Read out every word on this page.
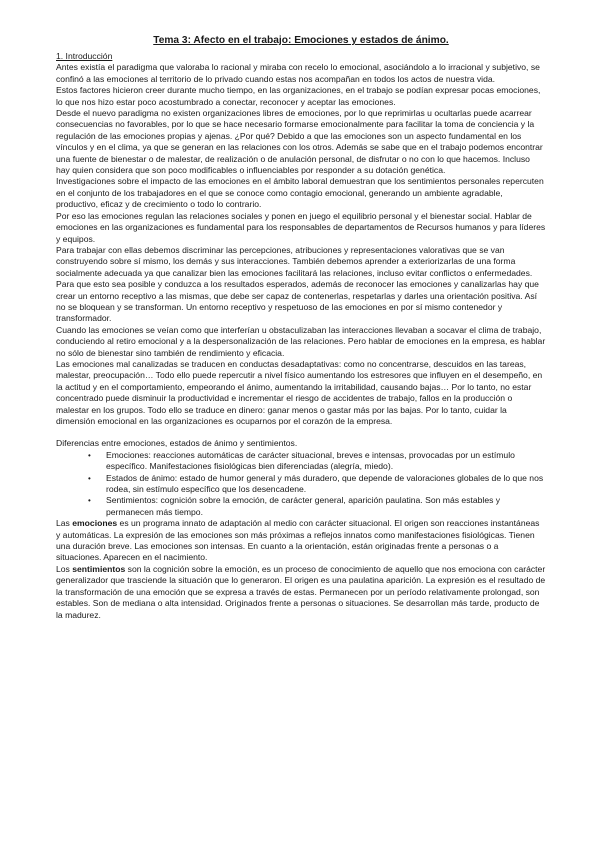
Tema 3: Afecto en el trabajo: Emociones y estados de ánimo.
1. Introducción

Antes existía el paradigma que valoraba lo racional y miraba con recelo lo emocional, asociándolo a lo irracional y subjetivo, se confinó a las emociones al territorio de lo privado cuando estas nos acompañan en todos los actos de nuestra vida.

Estos factores hicieron creer durante mucho tiempo, en las organizaciones, en el trabajo se podían expresar pocas emociones, lo que nos hizo estar poco acostumbrado a conectar, reconocer y aceptar las emociones.

Desde el nuevo paradigma no existen organizaciones libres de emociones, por lo que reprimirlas u ocultarlas puede acarrear consecuencias no favorables, por lo que se hace necesario formarse emocionalmente para facilitar la toma de conciencia y la regulación de las emociones propias y ajenas. ¿Por qué? Debido a que las emociones son un aspecto fundamental en los vínculos y en el clima, ya que se generan en las relaciones con los otros. Además se sabe que en el trabajo podemos encontrar una fuente de bienestar o de malestar, de realización o de anulación personal, de disfrutar o no con lo que hacemos. Incluso hay quien considera que son poco modificables o influenciables por responder a su dotación genética.

Investigaciones sobre el impacto de las emociones en el ámbito laboral demuestran que los sentimientos personales repercuten en el conjunto de los trabajadores en el que se conoce como contagio emocional, generando un ambiente agradable, productivo, eficaz y de crecimiento o todo lo contrario.

Por eso las emociones regulan las relaciones sociales y ponen en juego el equilibrio personal y el bienestar social. Hablar de emociones en las organizaciones es fundamental para los responsables de departamentos de Recursos humanos y para líderes y equipos.

Para trabajar con ellas debemos discriminar las percepciones, atribuciones y representaciones valorativas que se van construyendo sobre sí mismo, los demás y sus interacciones. También debemos aprender a exteriorizarlas de una forma socialmente adecuada ya que canalizar bien las emociones facilitará las relaciones, incluso evitar conflictos o enfermedades. Para que esto sea posible y conduzca a los resultados esperados, además de reconocer las emociones y canalizarlas hay que crear un entorno receptivo a las mismas, que debe ser capaz de contenerlas, respetarlas y darles una orientación positiva. Así no se bloquean y se transforman. Un entorno receptivo y respetuoso de las emociones en por sí mismo contenedor y transformador.

Cuando las emociones se veían como que interferían u obstaculizaban las interacciones llevaban a socavar el clima de trabajo, conduciendo al retiro emocional y a la despersonalización de las relaciones. Pero hablar de emociones en la empresa, es hablar no sólo de bienestar sino también de rendimiento y eficacia.

Las emociones mal canalizadas se traducen en conductas desadaptativas: como no concentrarse, descuidos en las tareas, malestar, preocupación… Todo ello puede repercutir a nivel físico aumentando los estresores que influyen en el desempeño, en la actitud y en el comportamiento, empeorando el ánimo, aumentando la irritabilidad, causando bajas… Por lo tanto, no estar concentrado puede disminuir la productividad e incrementar el riesgo de accidentes de trabajo, fallos en la producción o malestar en los grupos. Todo ello se traduce en dinero: ganar menos o gastar más por las bajas. Por lo tanto, cuidar la dimensión emocional en las organizaciones es ocuparnos por el corazón de la empresa.

Diferencias entre emociones, estados de ánimo y sentimientos.

• Emociones: reacciones automáticas de carácter situacional, breves e intensas, provocadas por un estímulo específico. Manifestaciones fisiológicas bien diferenciadas (alegría, miedo).
• Estados de ánimo: estado de humor general y más duradero, que depende de valoraciones globales de lo que nos rodea, sin estímulo específico que los desencadene.
• Sentimientos: cognición sobre la emoción, de carácter general, aparición paulatina. Son más estables y permanecen más tiempo.

Las emociones es un programa innato de adaptación al medio con carácter situacional. El origen son reacciones instantáneas y automáticas. La expresión de las emociones son más próximas a reflejos innatos como manifestaciones fisiológicas. Tienen una duración breve. Las emociones son intensas. En cuanto a la orientación, están originadas frente a personas o a situaciones. Aparecen en el nacimiento.

Los sentimientos son la cognición sobre la emoción, es un proceso de conocimiento de aquello que nos emociona con carácter generalizador que trasciende la situación que lo generaron. El origen es una paulatina aparición. La expresión es el resultado de la transformación de una emoción que se expresa a través de estas. Permanecen por un período relativamente prolongad, son estables. Son de mediana o alta intensidad. Originados frente a personas o situaciones. Se desarrollan más tarde, producto de la madurez.
